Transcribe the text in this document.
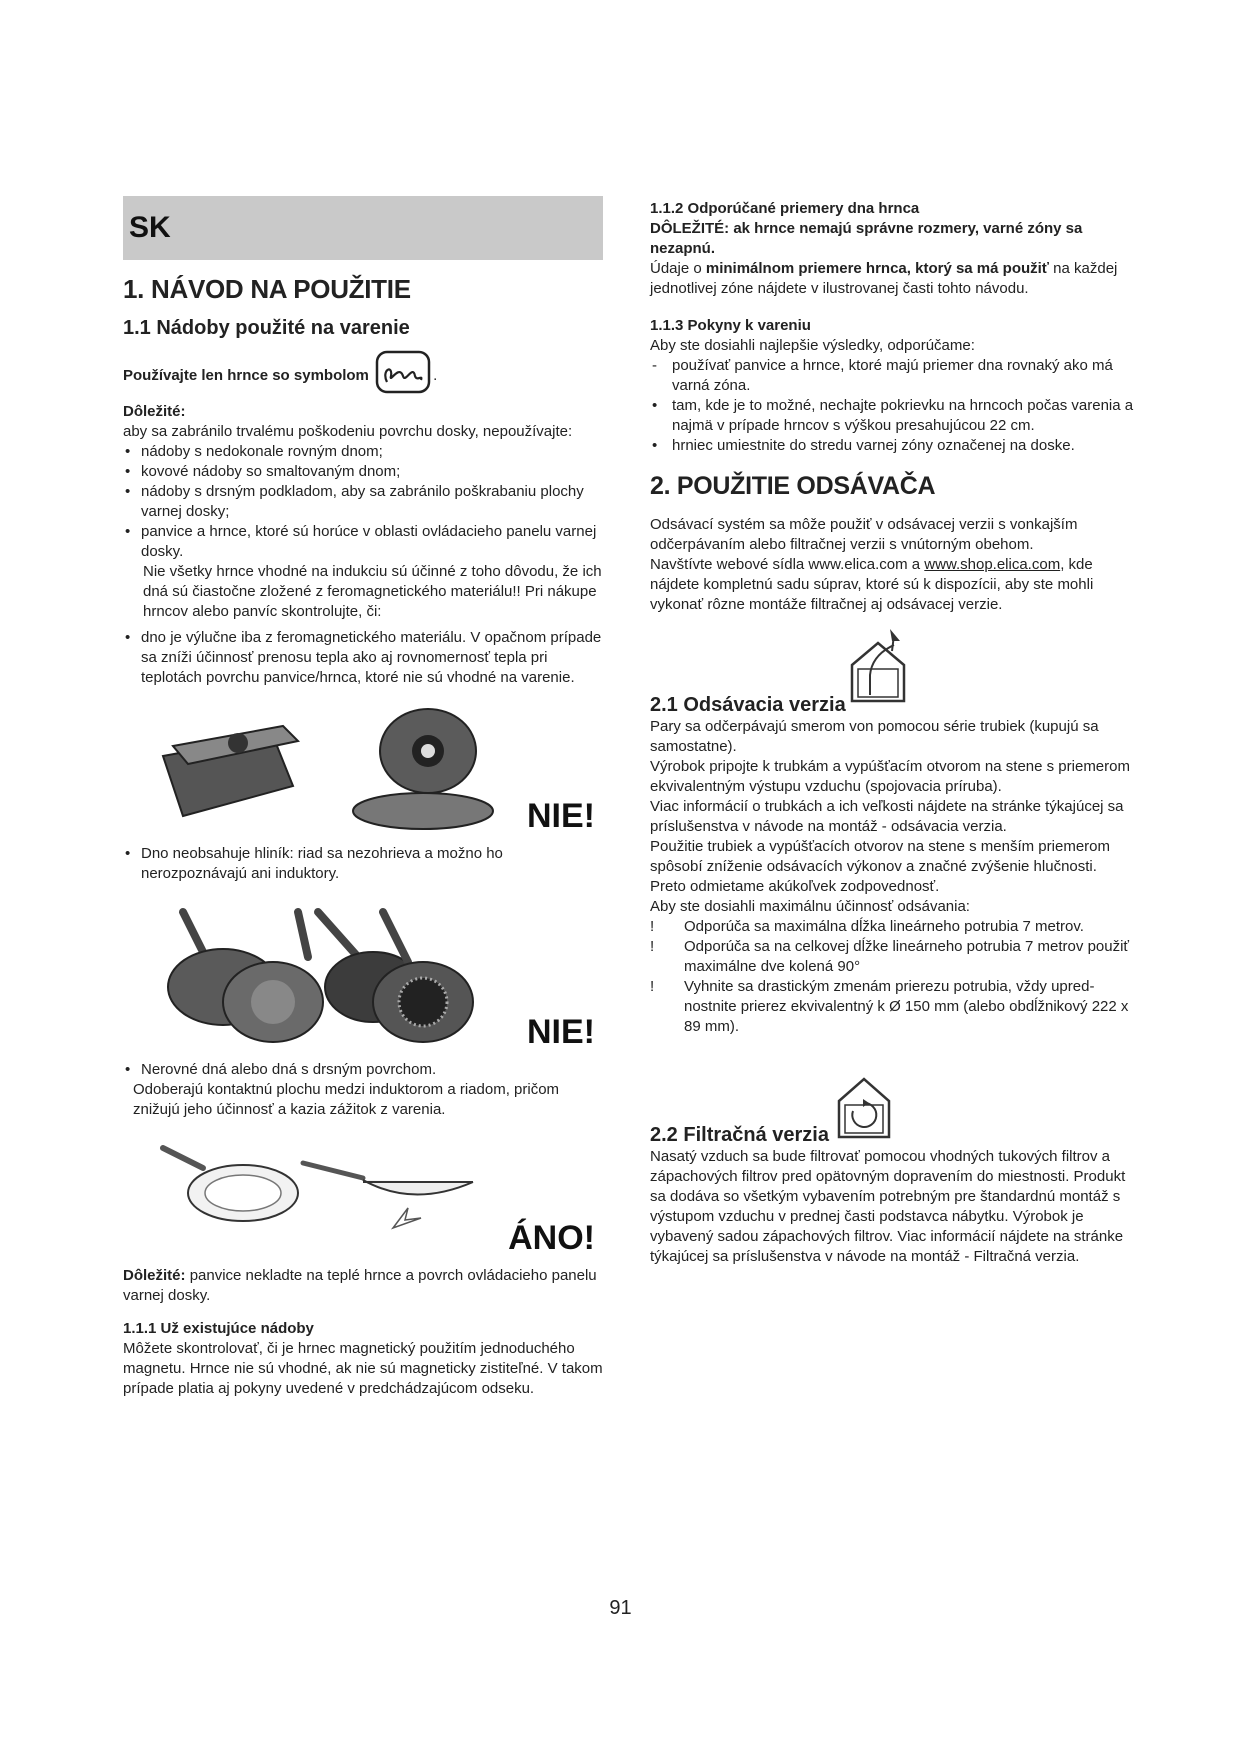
SK
1. NÁVOD NA POUŽITIE
1.1 Nádoby použité na varenie

Používajte len hrnce so symbolom	.

Dôležité:

aby sa zabránilo trvalému poškodeniu povrchu dosky, nepoužívajte:

• nádoby s nedokonale rovným dnom;
• kovové nádoby so smaltovaným dnom;
• nádoby s drsným podkladom, aby sa zabránilo poškrabaniu plochy varnej dosky;
• panvice a hrnce, ktoré sú horúce v oblasti ovládacieho panelu varnej dosky.

Nie všetky hrnce vhodné na indukciu sú účinné z toho dôvodu, že ich dná sú čiastočne zložené z feromagnetického materiálu!! Pri nákupe hrncov alebo panvíc skontrolujte, či:

• dno je výlučne iba z feromagnetického materiálu. V opačnom prípade sa zníži účinnosť prenosu tepla ako aj rovnomernosť tepla pri teplotách povrchu panvice/hrnca, ktoré nie sú vhodné na varenie.
NIE!
• Dno neobsahuje hliník: riad sa nezohrieva a možno ho nerozpoznávajú ani induktory.
NIE!
• Nerovné dná alebo dná s drsným povrchom.

Odoberajú kontaktnú plochu medzi induktorom a riadom, pričom znižujú jeho účinnosť a kazia zážitok z varenia.

ÁNO!

Dôležité: panvice nekladte na teplé hrnce a povrch ovládacieho panelu varnej dosky.

1.1.1 Už existujúce nádoby

Môžete skontrolovať, či je hrnec magnetický použitím jednoduchého magnetu. Hrnce nie sú vhodné, ak nie sú magneticky zistiteľné. V takom prípade platia aj pokyny uvedené v predchádzajúcom odseku.

1.1.2 Odporúčané priemery dna hrnca

DÔLEŽITÉ: ak hrnce nemajú správne rozmery, varné zóny sa nezapnú.

Údaje o minimálnom priemere hrnca, ktorý sa má použiť na každej jednotlivej zóne nájdete v ilustrovanej časti tohto návodu.

1.1.3 Pokyny k vareniu

Aby ste dosiahli najlepšie výsledky, odporúčame:

- používať panvice a hrnce, ktoré majú priemer dna rovnaký ako má varná zóna.
• tam, kde je to možné, nechajte pokrievku na hrncoch počas varenia a najmä v prípade hrncov s výškou presahujúcou 22 cm.
• hrniec umiestnite do stredu varnej zóny označenej na doske.
2. POUŽITIE ODSÁVAČA

Odsávací systém sa môže použiť v odsávacej verzii s vonkajším odčerpávaním alebo filtračnej verzii s vnútorným obehom.

Navštívte webové sídla www.elica.com a www.shop.elica.com, kde nájdete kompletnú sadu súprav, ktoré sú k dispozícii, aby ste mohli vykonať rôzne montáže filtračnej aj odsávacej verzie.

2.1 Odsávacia verzia

Pary sa odčerpávajú smerom von pomocou série trubiek (kupujú sa samostatne).

Výrobok pripojte k trubkám a vypúšťacím otvorom na stene s priemerom ekvivalentným výstupu vzduchu (spojovacia príruba).

Viac informácií o trubkách a ich veľkosti nájdete na stránke týkajúcej sa príslušenstva v návode na montáž - odsávacia verzia.

Použitie trubiek a vypúšťacích otvorov na stene s menším priemerom spôsobí zníženie odsávacích výkonov a značné zvýšenie hlučnosti.

Preto odmietame akúkoľvek zodpovednosť.

Aby ste dosiahli maximálnu účinnosť odsávania:

! Odporúča sa maximálna dĺžka lineárneho potrubia 7 metrov.
! Odporúča sa na celkovej dĺžke lineárneho potrubia 7 metrov použiť maximálne dve kolená 90°
! Vyhnite sa drastickým zmenám prierezu potrubia, vždy uprednostnite prierez ekvivalentný k Ø 150 mm (alebo obdĺžnikový 222 x 89 mm).
2.2 Filtračná verzia

Nasatý vzduch sa bude filtrovať pomocou vhodných tukových filtrov a zápachových filtrov pred opätovným dopravením do miestnosti. Produkt sa dodáva so všetkým vybavením potrebným pre štandardnú montáž s výstupom vzduchu v prednej časti podstavca nábytku. Výrobok je vybavený sadou zápachových filtrov. Viac informácií nájdete na stránke týkajúcej sa príslušenstva v návode na montáž - Filtračná verzia.

91
